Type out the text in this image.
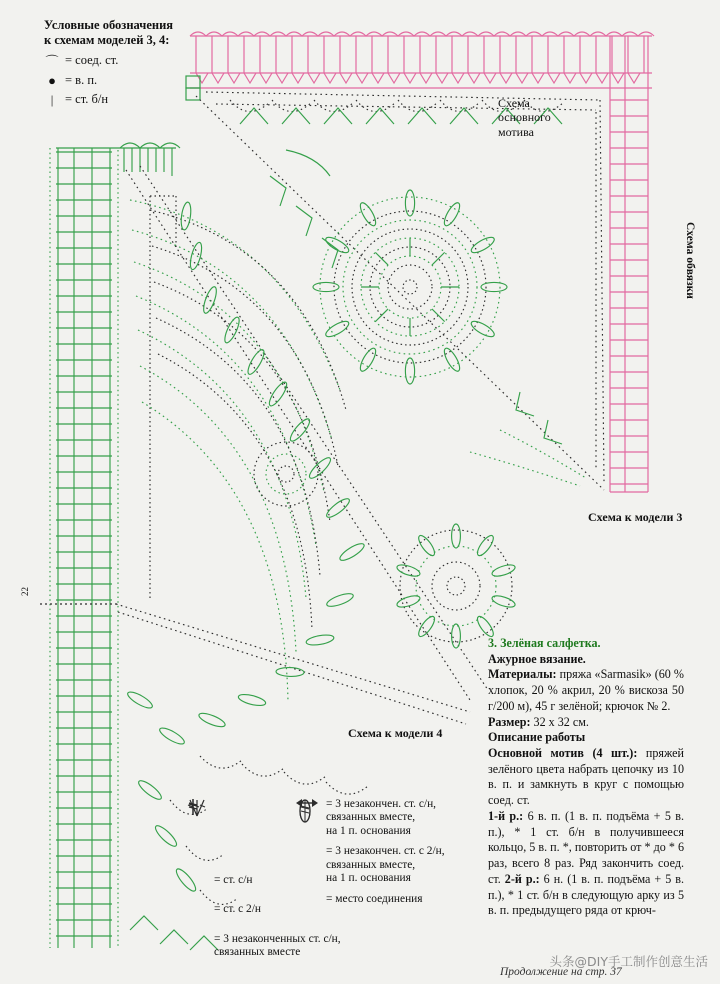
Условные обозначения
к схемам моделей 3, 4:
⌒ = соед. ст.
● = в. п.
| = ст. б/н	Схема
основного
мотива
Схема обвязки
Схема к модели 3
Схема к модели 4
22
= ст. с/н
= ст. с 2/н
= 3 незаконченных ст. с/н,
связанных вместе
= 3 незакончен. ст. с/н,
связанных вместе,
на 1 п. основания
= 3 незакончен. ст. с 2/н,
связанных вместе,
на 1 п. основания
= место соединения

3. Зелёная салфетка.

Ажурное вязание.

Материалы: пряжа «Sarmasik» (60 % хлопок, 20 % акрил, 20 % вискоза 50 г/200 м), 45 г зелёной; крючок № 2.

Размер: 32 х 32 см.

Описание работы

Основной мотив (4 шт.): пряжей зелёного цвета набрать цепочку из 10 в. п. и замкнуть в круг с помощью соед. ст.

1-й р.: 6 в. п. (1 в. п. подъёма + 5 в. п.), * 1 ст. б/н в получившееся кольцо, 5 в. п. *, повторить от * до * 6 раз, всего 8 раз. Ряд закончить соед. ст. 2-й р.: 6 н. (1 в. п. подъёма + 5 в. п.), * 1 ст. б/н в следующую арку из 5 в. п. предыдущего ряда от крюч-

Продолжение на стр. 37
头条@DIY手工制作创意生活
